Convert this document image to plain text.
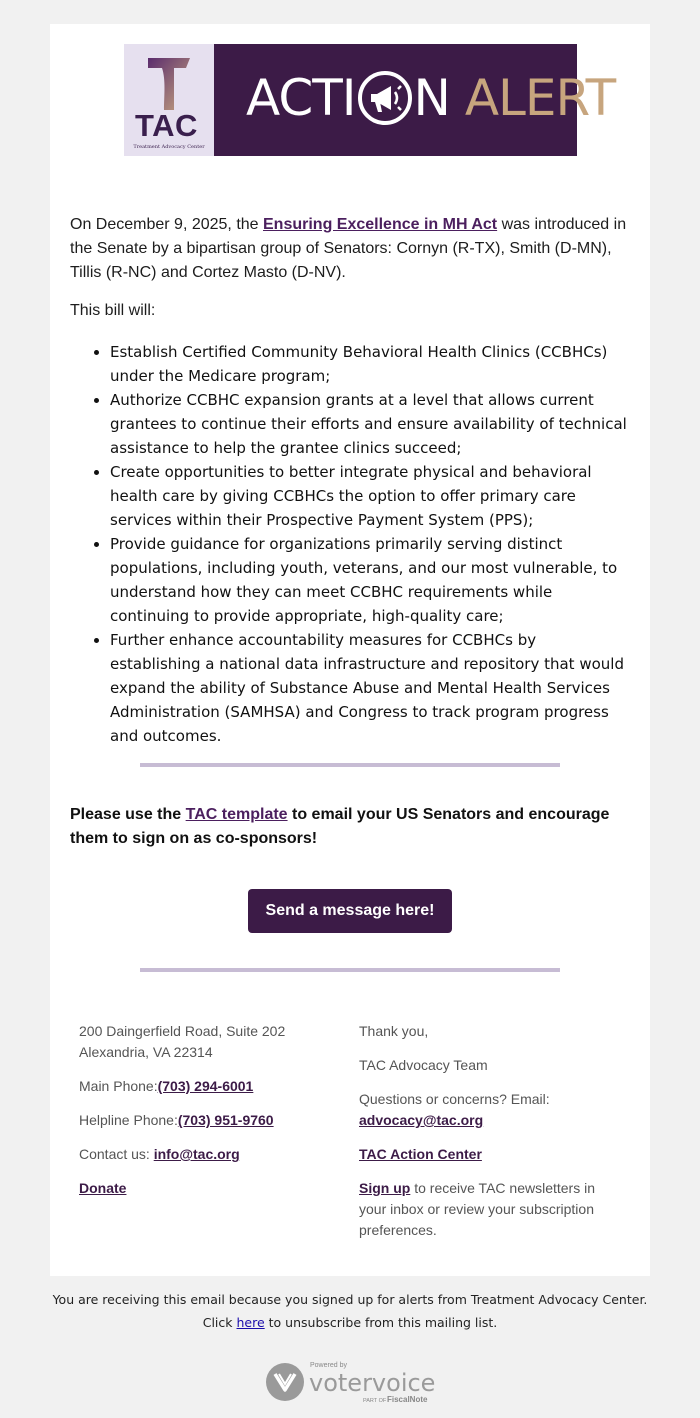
TAC
Treatment Advocacy Center
ACTI N ALERT

On December 9, 2025, the Ensuring Excellence in MH Act was introduced in the Senate by a bipartisan group of Senators: Cornyn (R-TX), Smith (D-MN), Tillis (R-NC) and Cortez Masto (D-NV).

This bill will:

• Establish Certified Community Behavioral Health Clinics (CCBHCs) under the Medicare program;
• Authorize CCBHC expansion grants at a level that allows current grantees to continue their efforts and ensure availability of technical assistance to help the grantee clinics succeed;
• Create opportunities to better integrate physical and behavioral health care by giving CCBHCs the option to offer primary care services within their Prospective Payment System (PPS);
• Provide guidance for organizations primarily serving distinct populations, including youth, veterans, and our most vulnerable, to understand how they can meet CCBHC requirements while continuing to provide appropriate, high-quality care;
• Further enhance accountability measures for CCBHCs by establishing a national data infrastructure and repository that would expand the ability of Substance Abuse and Mental Health Services Administration (SAMHSA) and Congress to track program progress and outcomes.

Please use the TAC template to email your US Senators and encourage them to sign on as co-sponsors!

Send a message here!

200 Daingerfield Road, Suite 202

Alexandria, VA 22314

Main Phone:(703) 294-6001

Helpline Phone:(703) 951-9760

Contact us: info@tac.org

Donate

Thank you,

TAC Advocacy Team

Questions or concerns? Email:

advocacy@tac.org

TAC Action Center

Sign up to receive TAC newsletters in your inbox or review your subscription preferences.

You are receiving this email because you signed up for alerts from Treatment Advocacy Center.

Click here to unsubscribe from this mailing list.

Powered by
votervoice
PART OF FiscalNote
